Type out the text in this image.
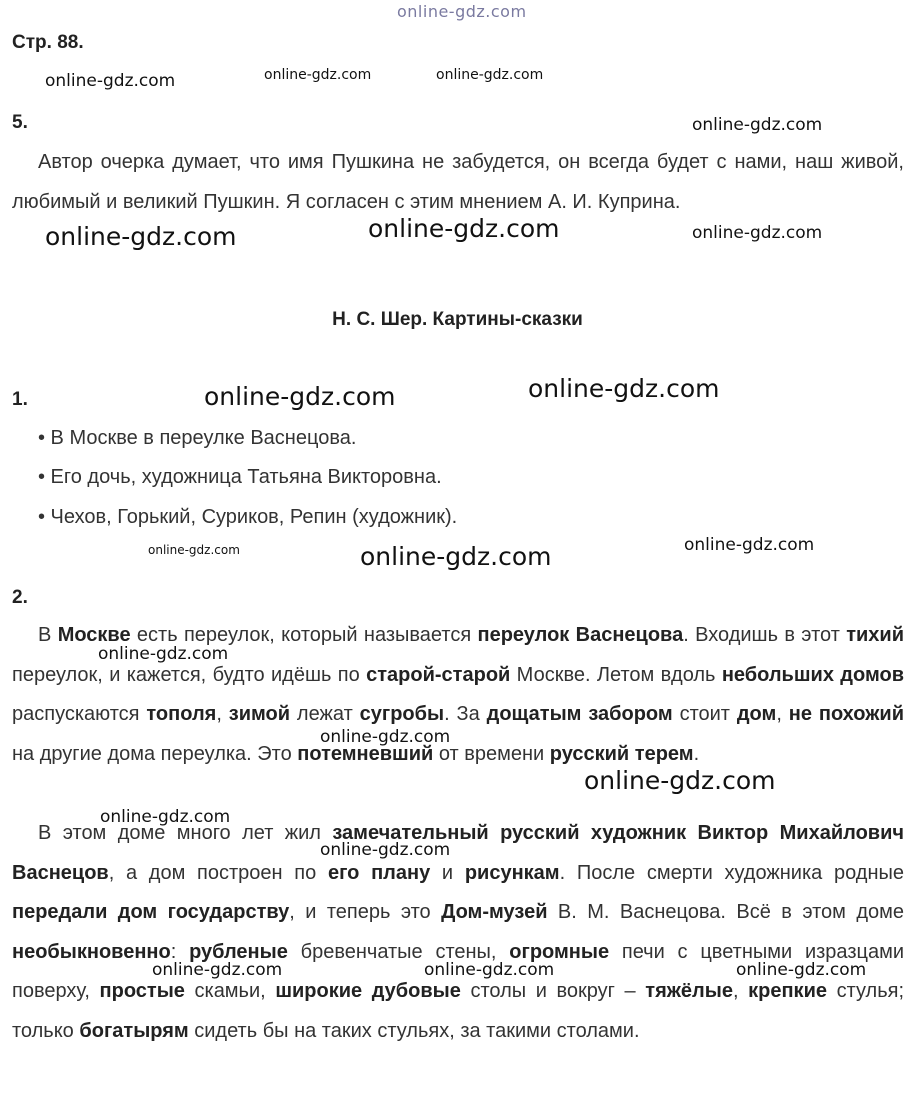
online-gdz.com
online-gdz.com	online-gdz.com	online-gdz.com
online-gdz.com
online-gdz.com	online-gdz.com	online-gdz.com
online-gdz.com	online-gdz.com
online-gdz.com	online-gdz.com	online-gdz.com
online-gdz.com
online-gdz.com
online-gdz.com
online-gdz.com
online-gdz.com
online-gdz.com	online-gdz.com	online-gdz.com
Стр. 88.
5.

Автор очерка думает, что имя Пушкина не забудется, он всегда будет с нами, наш живой, любимый и великий Пушкин. Я согласен с этим мнением А. И. Куприна.

Н. С. Шер. Картины-сказки
1.
• В Москве в переулке Васнецова.
• Его дочь, художница Татьяна Викторовна.
• Чехов, Горький, Суриков, Репин (художник).
2.

В Москве есть переулок, который называется переулок Васнецова. Входишь в этот тихий переулок, и кажется, будто идёшь по старой-старой Москве. Летом вдоль небольших домов распускаются тополя, зимой лежат сугробы. За дощатым забором стоит дом, не похожий на другие дома переулка. Это потемневший от времени русский терем.

В этом доме много лет жил замечательный русский художник Виктор Михайлович Васнецов, а дом построен по его плану и рисункам. После смерти художника родные передали дом государству, и теперь это Дом-музей В. М. Васнецова. Всё в этом доме необыкновенно: рубленые бревенчатые стены, огромные печи с цветными изразцами поверху, простые скамьи, широкие дубовые столы и вокруг – тяжёлые, крепкие стулья; только богатырям сидеть бы на таких стульях, за такими столами.
